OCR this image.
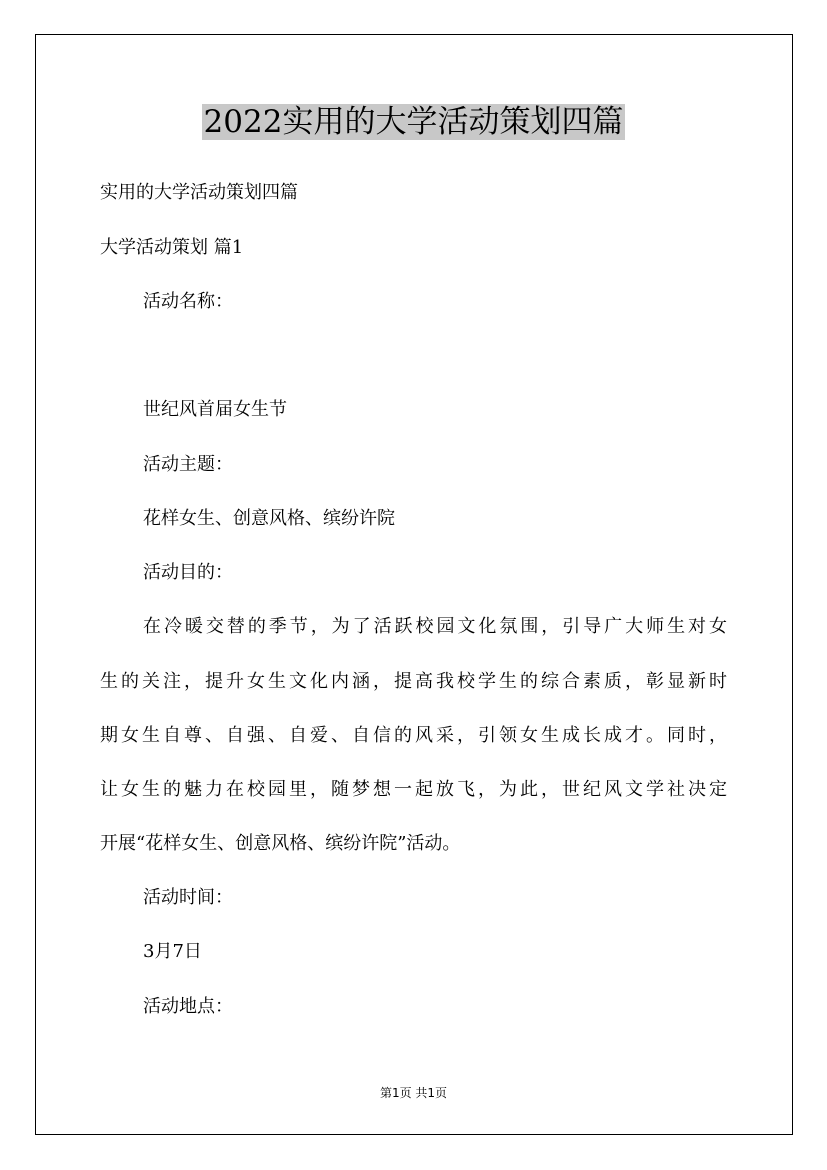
2022实用的大学活动策划四篇

实用的大学活动策划四篇

大学活动策划 篇1

活动名称：

世纪风首届女生节

活动主题：

花样女生、创意风格、缤纷许院

活动目的：

在冷暖交替的季节，为了活跃校园文化氛围，引导广大师生对女

生的关注，提升女生文化内涵，提高我校学生的综合素质，彰显新时

期女生自尊、自强、自爱、自信的风采，引领女生成长成才。同时，

让女生的魅力在校园里，随梦想一起放飞，为此，世纪风文学社决定

开展“花样女生、创意风格、缤纷许院”活动。

活动时间：

3月7日

活动地点：

第1页 共1页
